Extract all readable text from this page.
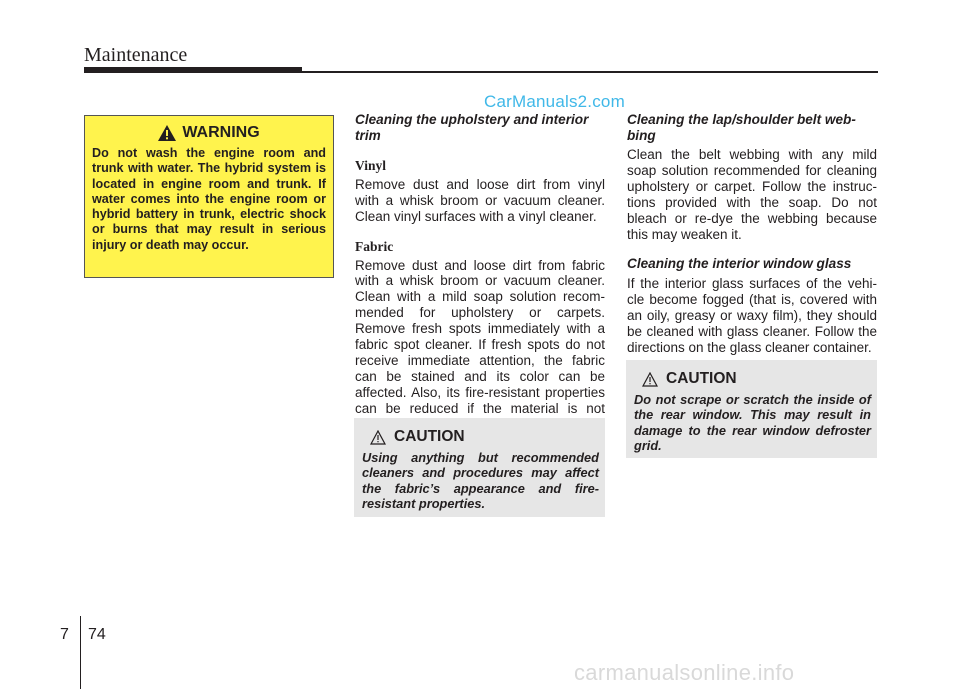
Maintenance
CarManuals2.com
WARNING
Do not wash the engine room and trunk with water. The hybrid system is located in engine room and trunk. If water comes into the engine room or hybrid battery in trunk, electric shock or burns that may result in serious injury or death may occur.
Cleaning the upholstery and interior trim
Vinyl
Remove dust and loose dirt from vinyl with a whisk broom or vacuum cleaner. Clean vinyl surfaces with a vinyl cleaner.
Fabric
Remove dust and loose dirt from fabric with a whisk broom or vacuum cleaner. Clean with a mild soap solution recom-mended for upholstery or carpets. Remove fresh spots immediately with a fabric spot cleaner. If fresh spots do not receive immediate attention, the fabric can be stained and its color can be affected. Also, its fire-resistant properties can be reduced if the material is not
CAUTION
Using anything but recommended cleaners and procedures may affect the fabric’s appearance and fire-resistant properties.
Cleaning the lap/shoulder belt web-bing
Clean the belt webbing with any mild soap solution recommended for cleaning upholstery or carpet. Follow the instruc-tions provided with the soap. Do not bleach or re-dye the webbing because this may weaken it.
Cleaning the interior window glass
If the interior glass surfaces of the vehi-cle become fogged (that is, covered with an oily, greasy or waxy film), they should be cleaned with glass cleaner. Follow the directions on the glass cleaner container.
CAUTION
Do not scrape or scratch the inside of the rear window. This may result in damage to the rear window defroster grid.
7 74
carmanualsonline.info
